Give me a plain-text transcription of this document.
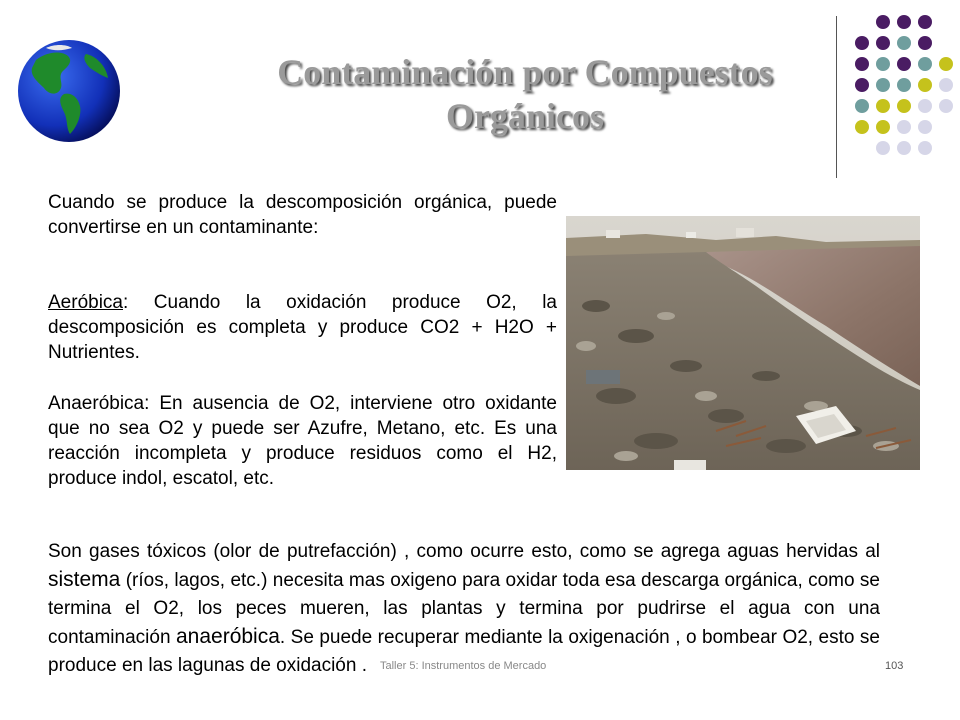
Contaminación por Compuestos
Orgánicos

Cuando se produce la descomposición orgánica, puede convertirse en un contaminante:

Aeróbica: Cuando la oxidación produce O2, la descomposición es completa y produce CO2 + H2O + Nutrientes.

Anaeróbica: En ausencia de O2, interviene otro oxidante que no sea O2 y puede ser Azufre, Metano, etc. Es una reacción incompleta y produce residuos como el H2, produce indol, escatol, etc.

Son gases tóxicos (olor de putrefacción) , como ocurre esto, como se agrega aguas hervidas al sistema (ríos, lagos, etc.) necesita mas oxigeno para oxidar toda esa descarga orgánica, como se termina el O2, los peces mueren, las plantas y termina por pudrirse el agua con una contaminación anaeróbica. Se puede recuperar mediante la oxigenación , o bombear O2, esto se produce en las lagunas de oxidación .	Taller 5: Instrumentos de Mercado	103
